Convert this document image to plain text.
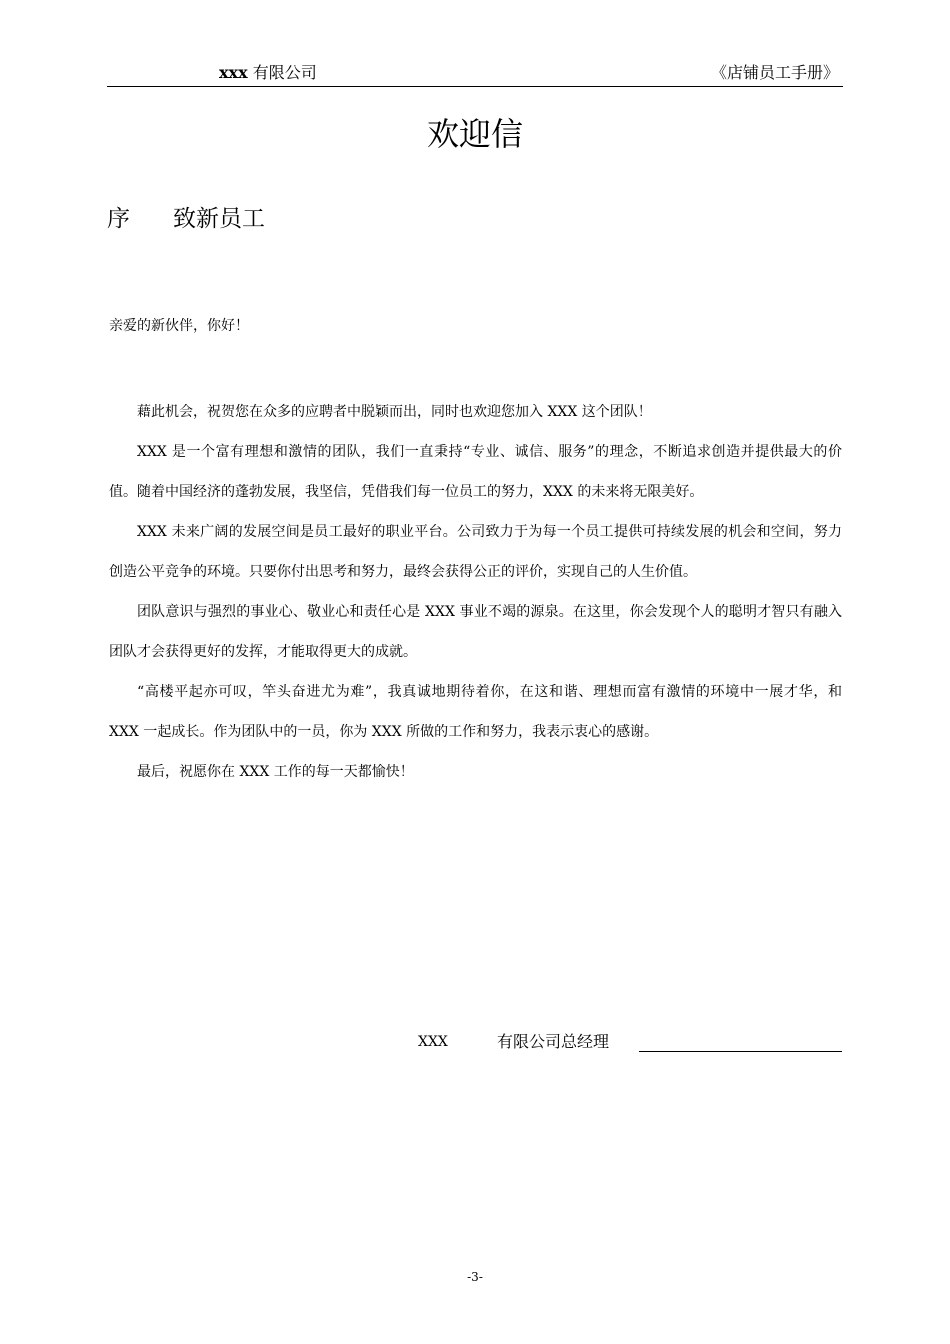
xxx 有限公司	《店铺员工手册》
欢迎信
序 致新员工
亲爱的新伙伴，你好！

藉此机会，祝贺您在众多的应聘者中脱颖而出，同时也欢迎您加入 XXX 这个团队！

XXX 是一个富有理想和激情的团队，我们一直秉持“专业、诚信、服务”的理念，不断追求创造并提供最大的价值。随着中国经济的蓬勃发展，我坚信，凭借我们每一位员工的努力，XXX 的未来将无限美好。

XXX 未来广阔的发展空间是员工最好的职业平台。公司致力于为每一个员工提供可持续发展的机会和空间，努力创造公平竞争的环境。只要你付出思考和努力，最终会获得公正的评价，实现自己的人生价值。

团队意识与强烈的事业心、敬业心和责任心是 XXX 事业不竭的源泉。在这里，你会发现个人的聪明才智只有融入团队才会获得更好的发挥，才能取得更大的成就。

“高楼平起亦可叹，竿头奋进尤为难”，我真诚地期待着你，在这和谐、理想而富有激情的环境中一展才华，和 XXX 一起成长。作为团队中的一员，你为 XXX 所做的工作和努力，我表示衷心的感谢。

最后，祝愿你在 XXX 工作的每一天都愉快！

XXX	有限公司总经理
-3-
